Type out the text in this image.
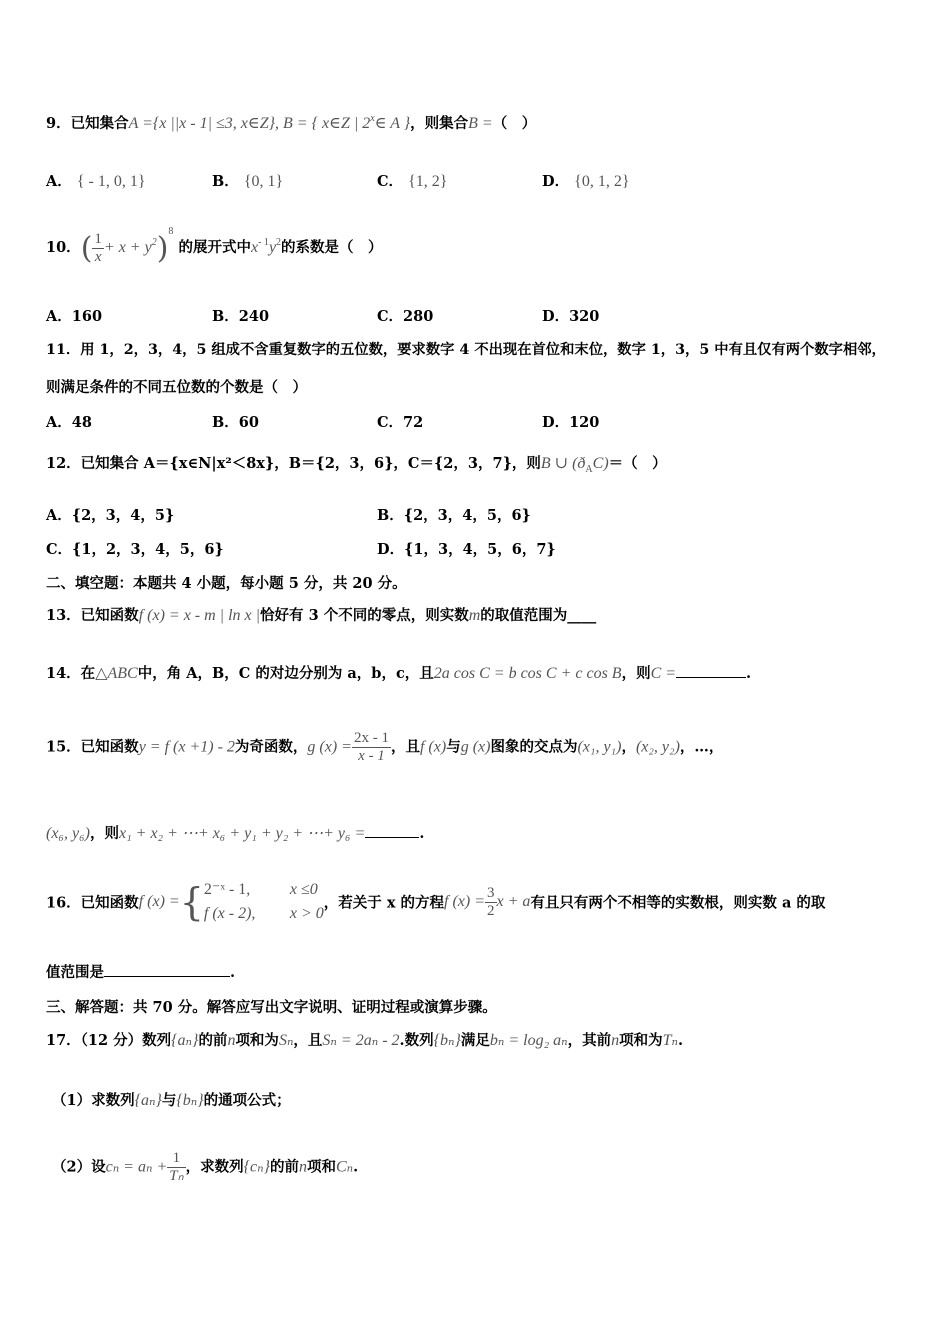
9．已知集合A ={x ||x - 1| ≤3, x∈Z}, B = { x∈Z | 2$^x$∈ A }，则集合B =（　）
A． { - 1, 0, 1}	B． {0, 1}	C． {1, 2}	D． {0, 1, 2}
10．( $\frac{1}{x} + x + y^2)^8$ 的展开式中$x^{- 1}y^2$的系数是（　）
A．160	B．240	C．280	D．320
11．用 1，2，3，4，5 组成不含重复数字的五位数，要求数字 4 不出现在首位和末位，数字 1，3，5 中有且仅有两个数字相邻，
则满足条件的不同五位数的个数是（　）
A．48	B．60	C．72	D．120
12．已知集合 A＝{x∈N|x²＜8x}，B＝{2，3，6}，C＝{2，3，7}，则B ∪ $(ð_AC)=$（　）
A．{2，3，4，5}	B．{2，3，4，5，6}
C．{1，2，3，4，5，6}	D．{1，3，4，5，6，7}
二、填空题：本题共 4 小题，每小题 5 分，共 20 分。
13．已知函数f (x) = x - m | ln x |恰好有 3 个不同的零点，则实数m的取值范围为____
14．在△ABC中，角 A，B，C 的对边分别为 a，b，c，且2a cos C = b cos C + c cos B，则C =	.
15．已知函数y = f (x +1) - 2为奇函数，g $(x) = \frac{2x - 1}{x - 1}$ ，且f (x)与g (x)图象的交点为(x₁, y₁)，(x₂, y₂)，…，
(x₆, y₆)，则x₁ + x₂ + ⋯+ x₆ + y₁ + y₂ + ⋯+ y₆ =	.
16．已知函数f (x) ={ 2⁻ˣ - 1, x ≤0
f (x - 2), x > 0
，若关于 x 的方程f $(x) = \frac{3}{2}$ x + a有且只有两个不相等的实数根，则实数 a 的取
值范围是	.
三、解答题：共 70 分。解答应写出文字说明、证明过程或演算步骤。
17．（12 分）数列{aₙ}的前n项和为Sₙ，且Sₙ = 2aₙ - 2.数列{bₙ}满足bₙ = log₂ aₙ，其前n项和为Tₙ.
（1）求数列{aₙ}与{bₙ}的通项公式；
（2）设$c_n = a_n + \frac{1}{\text{Tₙ}}$ ，求数列{cₙ}的前n项和Cₙ.
